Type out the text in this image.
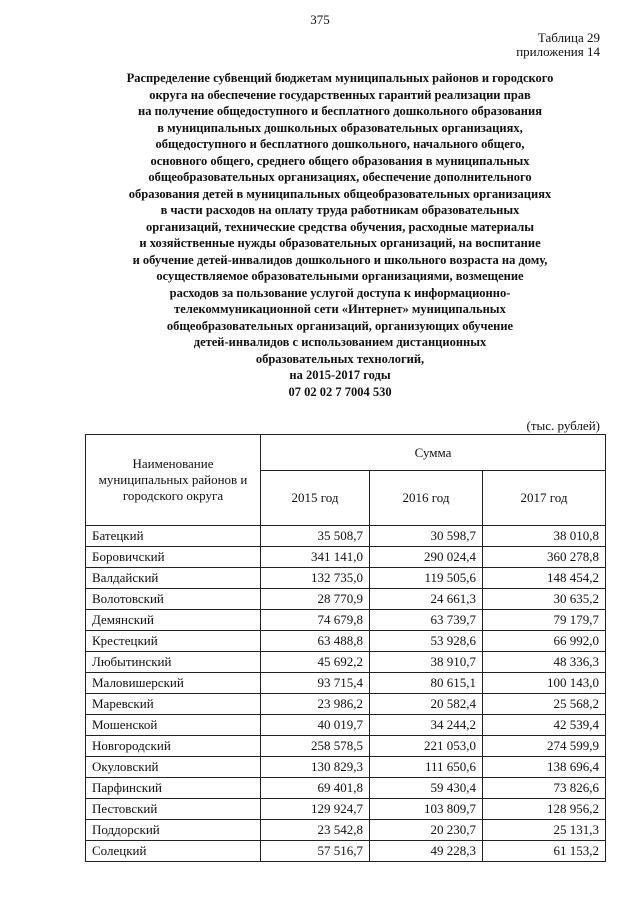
375
Таблица 29
приложения 14
Распределение субвенций бюджетам муниципальных районов и городского
округа на обеспечение государственных гарантий реализации прав
на получение общедоступного и бесплатного дошкольного образования
в муниципальных дошкольных образовательных организациях,
общедоступного и бесплатного дошкольного, начального общего,
основного общего, среднего общего образования в муниципальных
общеобразовательных организациях, обеспечение дополнительного
образования детей в муниципальных общеобразовательных организациях
в части расходов на оплату труда работникам образовательных
организаций, технические средства обучения, расходные материалы
и хозяйственные нужды образовательных организаций, на воспитание
и обучение детей-инвалидов дошкольного и школьного возраста на дому,
осуществляемое образовательными организациями, возмещение
расходов за пользование услугой доступа к информационно-
телекоммуникационной сети «Интернет» муниципальных
общеобразовательных организаций, организующих обучение
детей-инвалидов с использованием дистанционных
образовательных технологий,
на 2015-2017 годы
07 02 02 7 7004 530
(тыс. рублей)
Наименование муниципальных районов и городского округа	Сумма		
	2015 год	2016 год	2017 год
Батецкий	35 508,7	30 598,7	38 010,8
Боровичский	341 141,0	290 024,4	360 278,8
Валдайский	132 735,0	119 505,6	148 454,2
Волотовский	28 770,9	24 661,3	30 635,2
Демянский	74 679,8	63 739,7	79 179,7
Крестецкий	63 488,8	53 928,6	66 992,0
Любытинский	45 692,2	38 910,7	48 336,3
Маловишерский	93 715,4	80 615,1	100 143,0
Маревский	23 986,2	20 582,4	25 568,2
Мошенской	40 019,7	34 244,2	42 539,4
Новгородский	258 578,5	221 053,0	274 599,9
Окуловский	130 829,3	111 650,6	138 696,4
Парфинский	69 401,8	59 430,4	73 826,6
Пестовский	129 924,7	103 809,7	128 956,2
Поддорский	23 542,8	20 230,7	25 131,3
Солецкий	57 516,7	49 228,3	61 153,2
